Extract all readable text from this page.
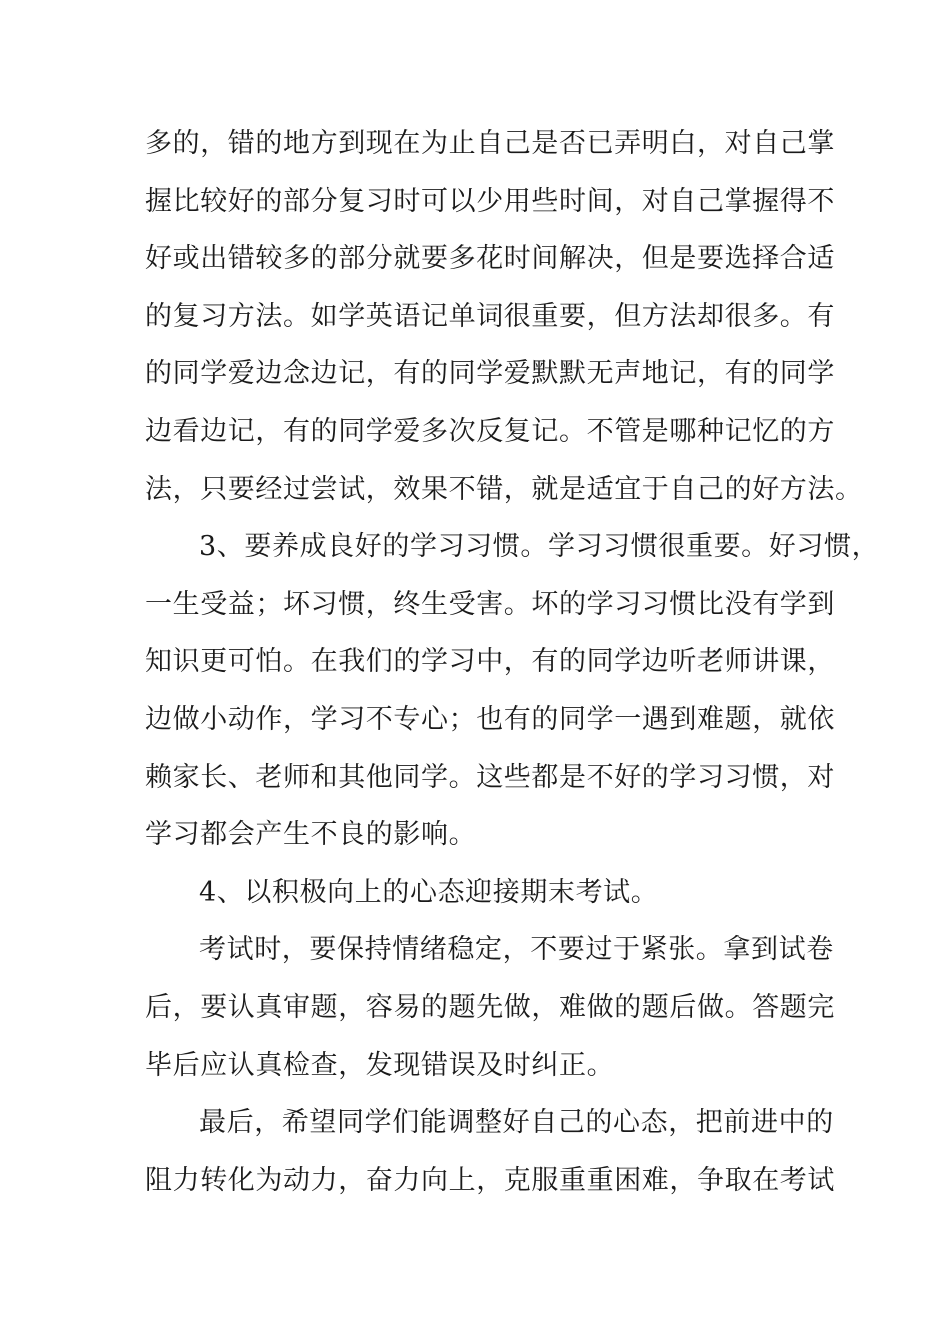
多的，错的地方到现在为止自己是否已弄明白，对自己掌
握比较好的部分复习时可以少用些时间，对自己掌握得不
好或出错较多的部分就要多花时间解决，但是要选择合适
的复习方法。如学英语记单词很重要，但方法却很多。有
的同学爱边念边记，有的同学爱默默无声地记，有的同学
边看边记，有的同学爱多次反复记。不管是哪种记忆的方
法，只要经过尝试，效果不错，就是适宜于自己的好方法。
3、要养成良好的学习习惯。学习习惯很重要。好习惯，
一生受益；坏习惯，终生受害。坏的学习习惯比没有学到
知识更可怕。在我们的学习中，有的同学边听老师讲课，
边做小动作，学习不专心；也有的同学一遇到难题，就依
赖家长、老师和其他同学。这些都是不好的学习习惯，对
学习都会产生不良的影响。
4、以积极向上的心态迎接期末考试。
考试时，要保持情绪稳定，不要过于紧张。拿到试卷
后，要认真审题，容易的题先做，难做的题后做。答题完
毕后应认真检查，发现错误及时纠正。
最后，希望同学们能调整好自己的心态，把前进中的
阻力转化为动力，奋力向上，克服重重困难，争取在考试
